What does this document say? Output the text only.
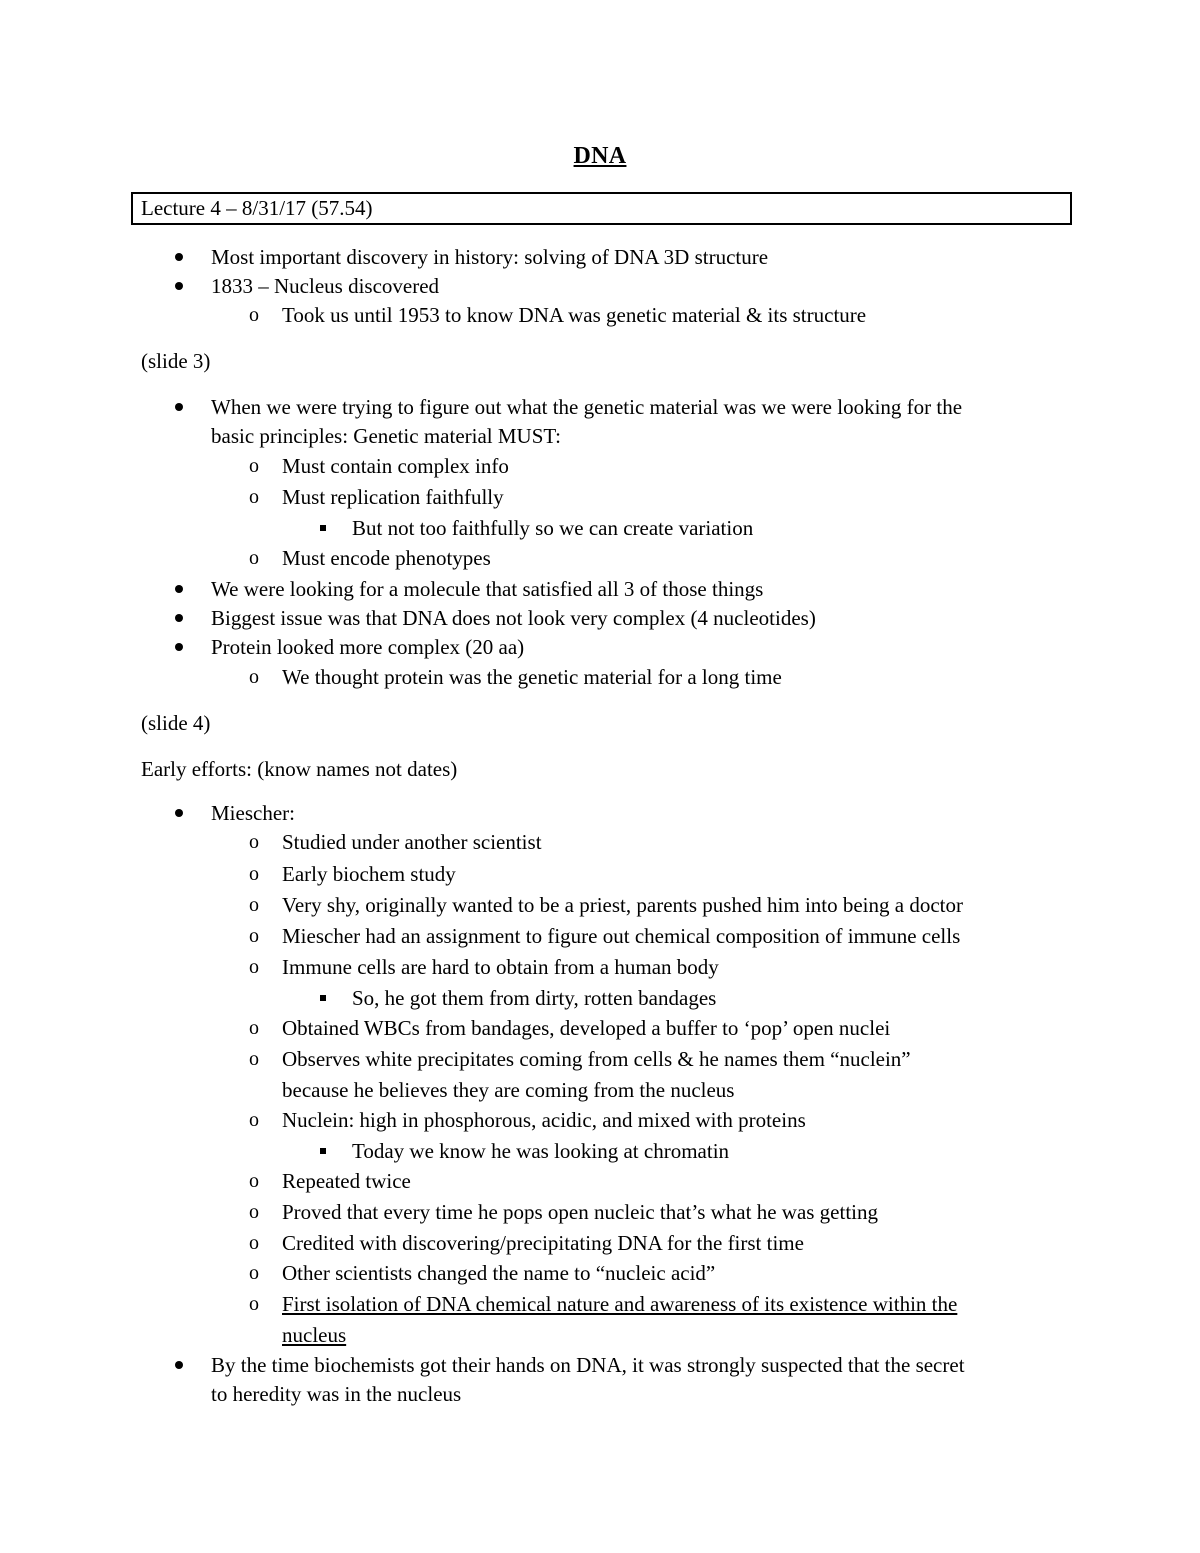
DNA
Lecture 4 – 8/31/17 (57.54)
Most important discovery in history: solving of DNA 3D structure
1833 – Nucleus discovered
o Took us until 1953 to know DNA was genetic material & its structure
(slide 3)
When we were trying to figure out what the genetic material was we were looking for the
basic principles: Genetic material MUST:
o Must contain complex info
o Must replication faithfully
But not too faithfully so we can create variation
o Must encode phenotypes
We were looking for a molecule that satisfied all 3 of those things
Biggest issue was that DNA does not look very complex (4 nucleotides)
Protein looked more complex (20 aa)
o We thought protein was the genetic material for a long time
(slide 4)
Early efforts: (know names not dates)
Miescher:
o Studied under another scientist
o Early biochem study
o Very shy, originally wanted to be a priest, parents pushed him into being a doctor
o Miescher had an assignment to figure out chemical composition of immune cells
o Immune cells are hard to obtain from a human body
So, he got them from dirty, rotten bandages
o Obtained WBCs from bandages, developed a buffer to ‘pop’ open nuclei
o Observes white precipitates coming from cells & he names them “nuclein”
because he believes they are coming from the nucleus
o Nuclein: high in phosphorous, acidic, and mixed with proteins
Today we know he was looking at chromatin
o Repeated twice
o Proved that every time he pops open nucleic that’s what he was getting
o Credited with discovering/precipitating DNA for the first time
o Other scientists changed the name to “nucleic acid”
o First isolation of DNA chemical nature and awareness of its existence within the
nucleus
By the time biochemists got their hands on DNA, it was strongly suspected that the secret
to heredity was in the nucleus
